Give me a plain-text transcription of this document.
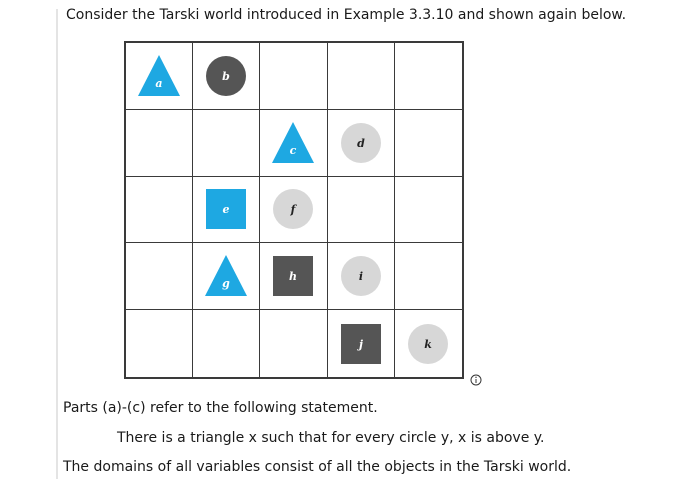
Consider the Tarski world introduced in Example 3.3.10 and shown again below.
a
b
c
d
e	f
g
h	i
j	k
Parts (a)-(c) refer to the following statement.
There is a triangle x such that for every circle y, x is above y.
The domains of all variables consist of all the objects in the Tarski world.
